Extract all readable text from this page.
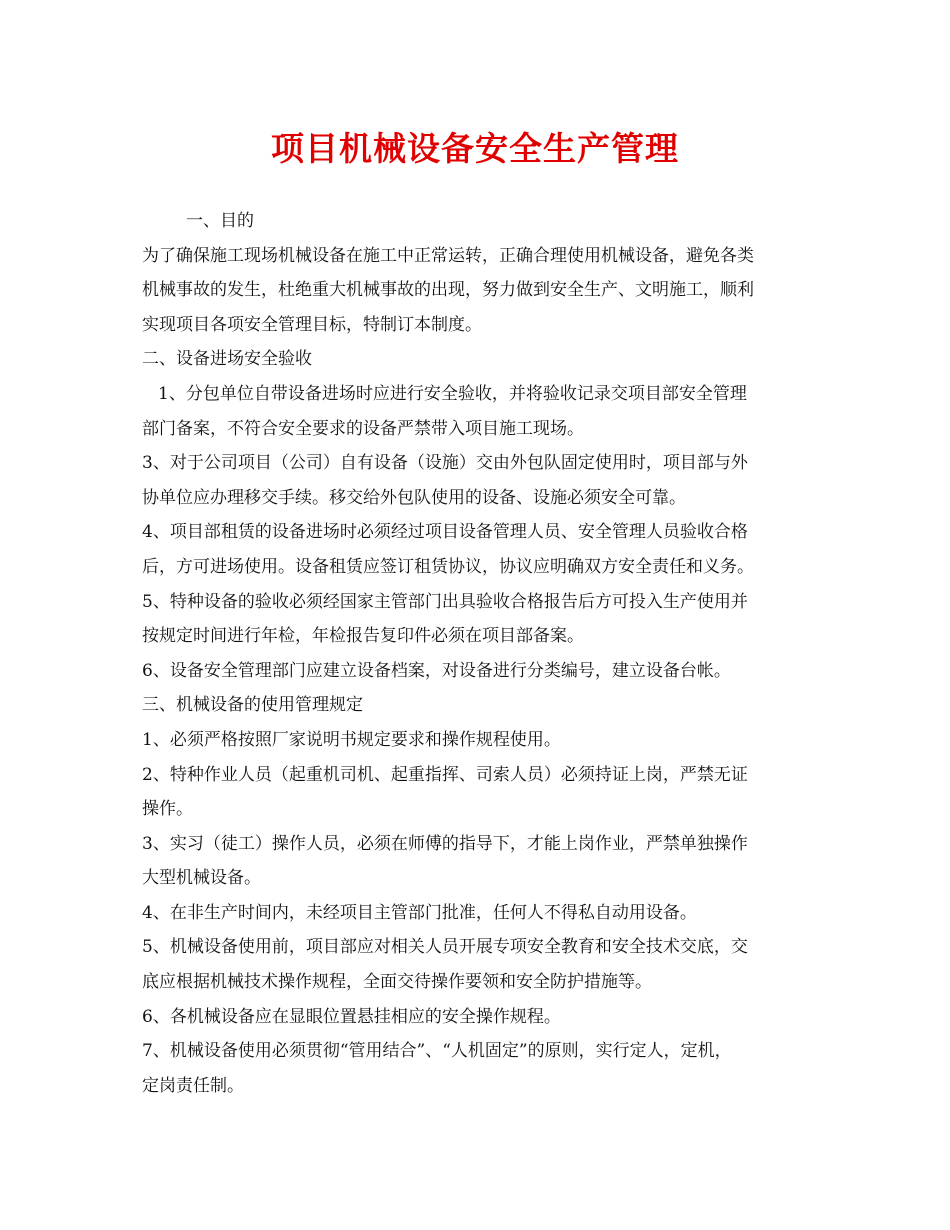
项目机械设备安全生产管理
一、目的
为了确保施工现场机械设备在施工中正常运转，正确合理使用机械设备，避免各类
机械事故的发生，杜绝重大机械事故的出现，努力做到安全生产、文明施工，顺利
实现项目各项安全管理目标，特制订本制度。
二、设备进场安全验收
1、分包单位自带设备进场时应进行安全验收，并将验收记录交项目部安全管理
部门备案，不符合安全要求的设备严禁带入项目施工现场。
3、对于公司项目（公司）自有设备（设施）交由外包队固定使用时，项目部与外
协单位应办理移交手续。移交给外包队使用的设备、设施必须安全可靠。
4、项目部租赁的设备进场时必须经过项目设备管理人员、安全管理人员验收合格
后，方可进场使用。设备租赁应签订租赁协议，协议应明确双方安全责任和义务。
5、特种设备的验收必须经国家主管部门出具验收合格报告后方可投入生产使用并
按规定时间进行年检，年检报告复印件必须在项目部备案。
6、设备安全管理部门应建立设备档案，对设备进行分类编号，建立设备台帐。
三、机械设备的使用管理规定
1、必须严格按照厂家说明书规定要求和操作规程使用。
2、特种作业人员（起重机司机、起重指挥、司索人员）必须持证上岗，严禁无证
操作。
3、实习（徒工）操作人员，必须在师傅的指导下，才能上岗作业，严禁单独操作
大型机械设备。
4、在非生产时间内，未经项目主管部门批准，任何人不得私自动用设备。
5、机械设备使用前，项目部应对相关人员开展专项安全教育和安全技术交底，交
底应根据机械技术操作规程，全面交待操作要领和安全防护措施等。
6、各机械设备应在显眼位置悬挂相应的安全操作规程。
7、机械设备使用必须贯彻“管用结合”、“人机固定”的原则，实行定人，定机，
定岗责任制。
